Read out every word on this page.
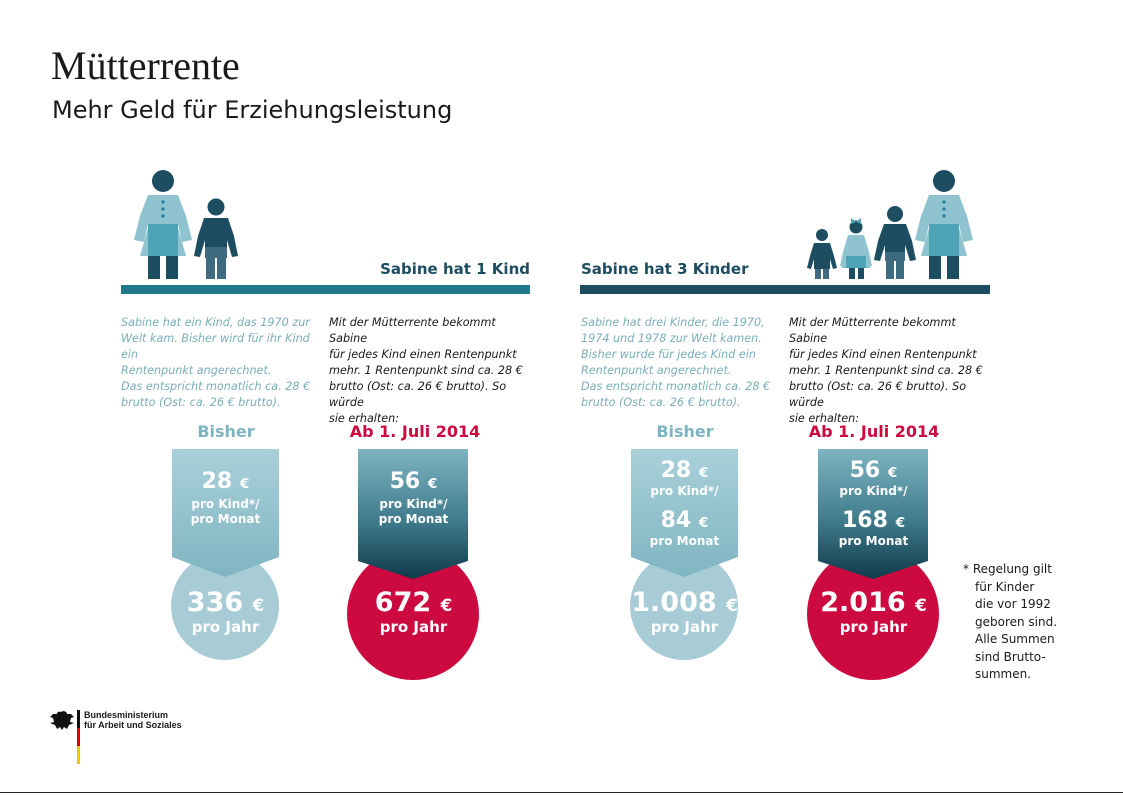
Mütterrente
Mehr Geld für Erziehungsleistung
Sabine hat 1 Kind	Sabine hat 3 Kinder
Sabine hat ein Kind, das 1970 zur
Welt kam. Bisher wird für ihr Kind ein
Rentenpunkt angerechnet.
Das entspricht monatlich ca. 28 €
brutto (Ost: ca. 26 € brutto).
Mit der Mütterrente bekommt Sabine
für jedes Kind einen Rentenpunkt
mehr. 1 Rentenpunkt sind ca. 28 €
brutto (Ost: ca. 26 € brutto). So würde
sie erhalten:
Sabine hat drei Kinder, die 1970,
1974 und 1978 zur Welt kamen.
Bisher wurde für jedes Kind ein
Rentenpunkt angerechnet.
Das entspricht monatlich ca. 28 €
brutto (Ost: ca. 26 € brutto).
Mit der Mütterrente bekommt Sabine
für jedes Kind einen Rentenpunkt
mehr. 1 Rentenpunkt sind ca. 28 €
brutto (Ost: ca. 26 € brutto). So würde
sie erhalten:
Bisher	Ab 1. Juli 2014	Bisher	Ab 1. Juli 2014
28 €
pro Kind*/
pro Monat
336 €
pro Jahr
56 €
pro Kind*/
pro Monat
672 €
pro Jahr
28 €
pro Kind*/
84 €
pro Monat
1.008 €
pro Jahr
56 €
pro Kind*/
168 €
pro Monat
2.016 €
pro Jahr
* Regelung gilt
für Kinder
die vor 1992
geboren sind.
Alle Summen
sind Brutto-
summen.
Bundesministerium
für Arbeit und Soziales
